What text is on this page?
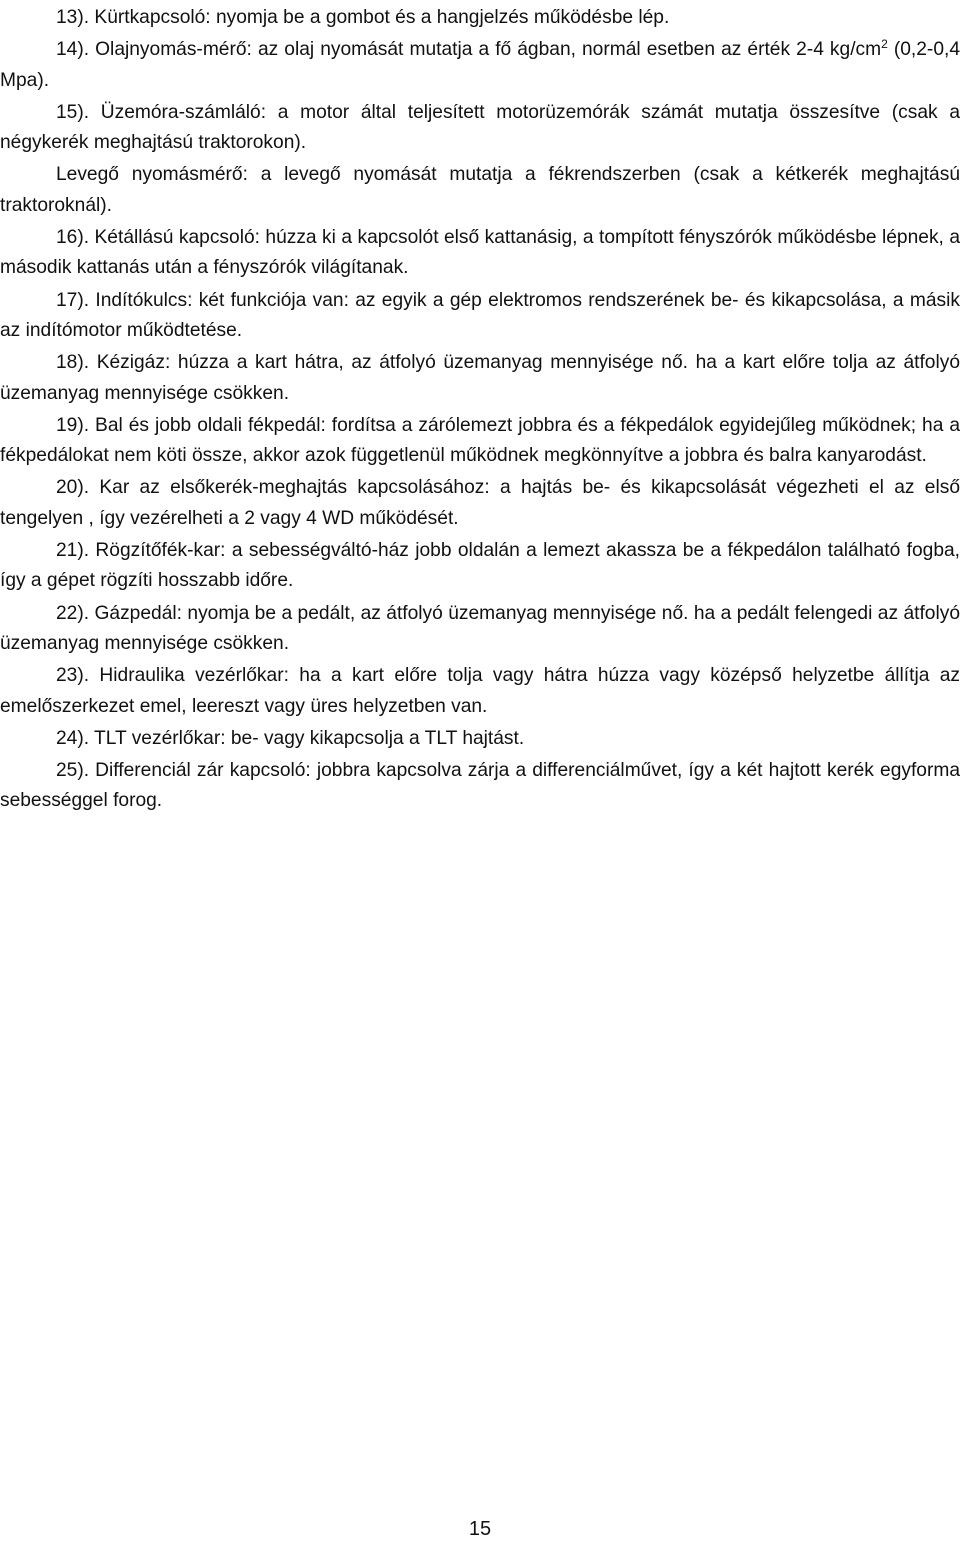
13). Kürtkapcsoló: nyomja be a gombot és a hangjelzés működésbe lép.

14). Olajnyomás-mérő: az olaj nyomását mutatja a fő ágban, normál esetben az érték 2-4 $kg/cm^2$ (0,2-0,4 Mpa).

15). Üzemóra-számláló: a motor által teljesített motorüzemórák számát mutatja összesítve (csak a négykerék meghajtású traktorokon).

Levegő nyomásmérő: a levegő nyomását mutatja a fékrendszerben (csak a kétkerék meghajtású traktoroknál).

16). Kétállású kapcsoló: húzza ki a kapcsolót első kattanásig, a tompított fényszórók működésbe lépnek, a második kattanás után a fényszórók világítanak.

17). Indítókulcs: két funkciója van: az egyik a gép elektromos rendszerének be- és kikapcsolása, a másik az indítómotor működtetése.

18). Kézigáz: húzza a kart hátra, az átfolyó üzemanyag mennyisége nő. ha a kart előre tolja az átfolyó üzemanyag mennyisége csökken.

19). Bal és jobb oldali fékpedál: fordítsa a zárólemezt jobbra és a fékpedálok egyidejűleg működnek; ha a fékpedálokat nem köti össze, akkor azok függetlenül működnek megkönnyítve a jobbra és balra kanyarodást.

20). Kar az elsőkerék-meghajtás kapcsolásához: a hajtás be- és kikapcsolását végezheti el az első tengelyen , így vezérelheti a 2 vagy 4 WD működését.

21). Rögzítőfék-kar: a sebességváltó-ház jobb oldalán a lemezt akassza be a fékpedálon található fogba, így a gépet rögzíti hosszabb időre.

22). Gázpedál: nyomja be a pedált, az átfolyó üzemanyag mennyisége nő. ha a pedált felengedi az átfolyó üzemanyag mennyisége csökken.

23). Hidraulika vezérlőkar: ha a kart előre tolja vagy hátra húzza vagy középső helyzetbe állítja az emelőszerkezet emel, leereszt vagy üres helyzetben van.

24). TLT vezérlőkar: be- vagy kikapcsolja a TLT hajtást.

25). Differenciál zár kapcsoló: jobbra kapcsolva zárja a differenciálművet, így a két hajtott kerék egyforma sebességgel forog.

15
